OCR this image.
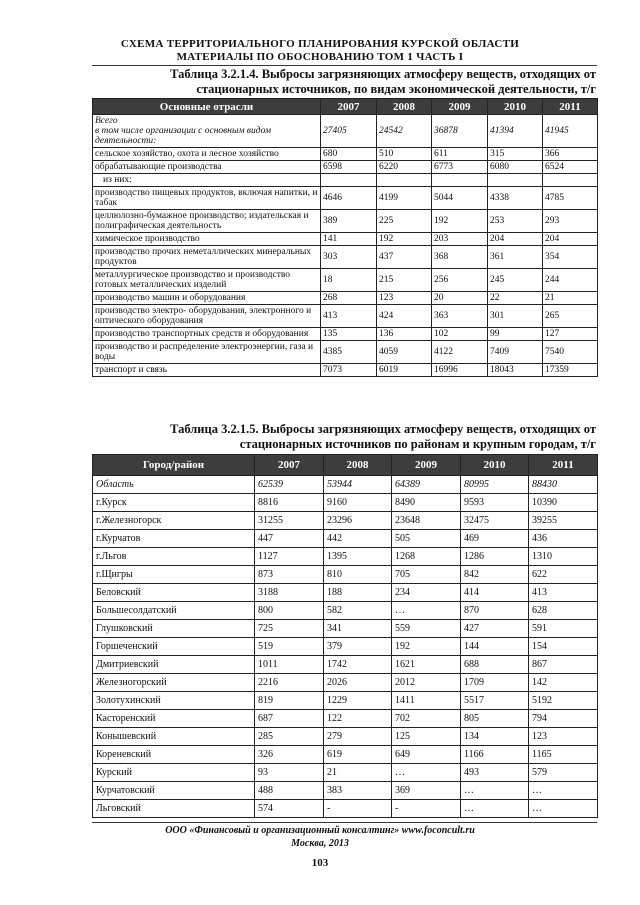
СХЕМА ТЕРРИТОРИАЛЬНОГО ПЛАНИРОВАНИЯ КУРСКОЙ ОБЛАСТИ
МАТЕРИАЛЫ ПО ОБОСНОВАНИЮ ТОМ 1 ЧАСТЬ I
Таблица 3.2.1.4. Выбросы загрязняющих атмосферу веществ, отходящих от
стационарных источников, по видам экономической деятельности, т/г
Основные отрасли	2007	2008	2009	2010	2011
Всего
в том числе организации с основным видом деятельности:	27405	24542	36878	41394	41945
сельское хозяйство, охота и лесное хозяйство	680	510	611	315	366
обрабатывающие производства	6598	6220	6773	6080	6524
из них:					
производство пищевых продуктов, включая напитки, и табак	4646	4199	5044	4338	4785
целлюлозно-бумажное производство; издательская и полиграфическая деятельность	389	225	192	253	293
химическое производство	141	192	203	204	204
производство прочих неметаллических минеральных продуктов	303	437	368	361	354
металлургическое производство и производство готовых металлических изделий	18	215	256	245	244
производство машин и оборудования	268	123	20	22	21
производство электро- оборудования, электронного и оптического оборудования	413	424	363	301	265
производство транспортных средств и оборудования	135	136	102	99	127
производство и распределение электроэнергии, газа и воды	4385	4059	4122	7409	7540
транспорт и связь	7073	6019	16996	18043	17359
Таблица 3.2.1.5. Выбросы загрязняющих атмосферу веществ, отходящих от
стационарных источников по районам и крупным городам, т/г
Город/район	2007	2008	2009	2010	2011
Область	62539	53944	64389	80995	88430
г.Курск	8816	9160	8490	9593	10390
г.Железногорск	31255	23296	23648	32475	39255
г.Курчатов	447	442	505	469	436
г.Льгов	1127	1395	1268	1286	1310
г.Щигры	873	810	705	842	622
Беловский	3188	188	234	414	413
Большесолдатский	800	582	…	870	628
Глушковский	725	341	559	427	591
Горшеченский	519	379	192	144	154
Дмитриевский	1011	1742	1621	688	867
Железногорский	2216	2026	2012	1709	142
Золотухинский	819	1229	1411	5517	5192
Касторенский	687	122	702	805	794
Конышевский	285	279	125	134	123
Кореневский	326	619	649	1166	1165
Курский	93	21	…	493	579
Курчатовский	488	383	369	…	…
Льговский	574	-	-	…	…
ООО «Финансовый и организационный консалтинг» www.foconcult.ru
Москва, 2013
103
